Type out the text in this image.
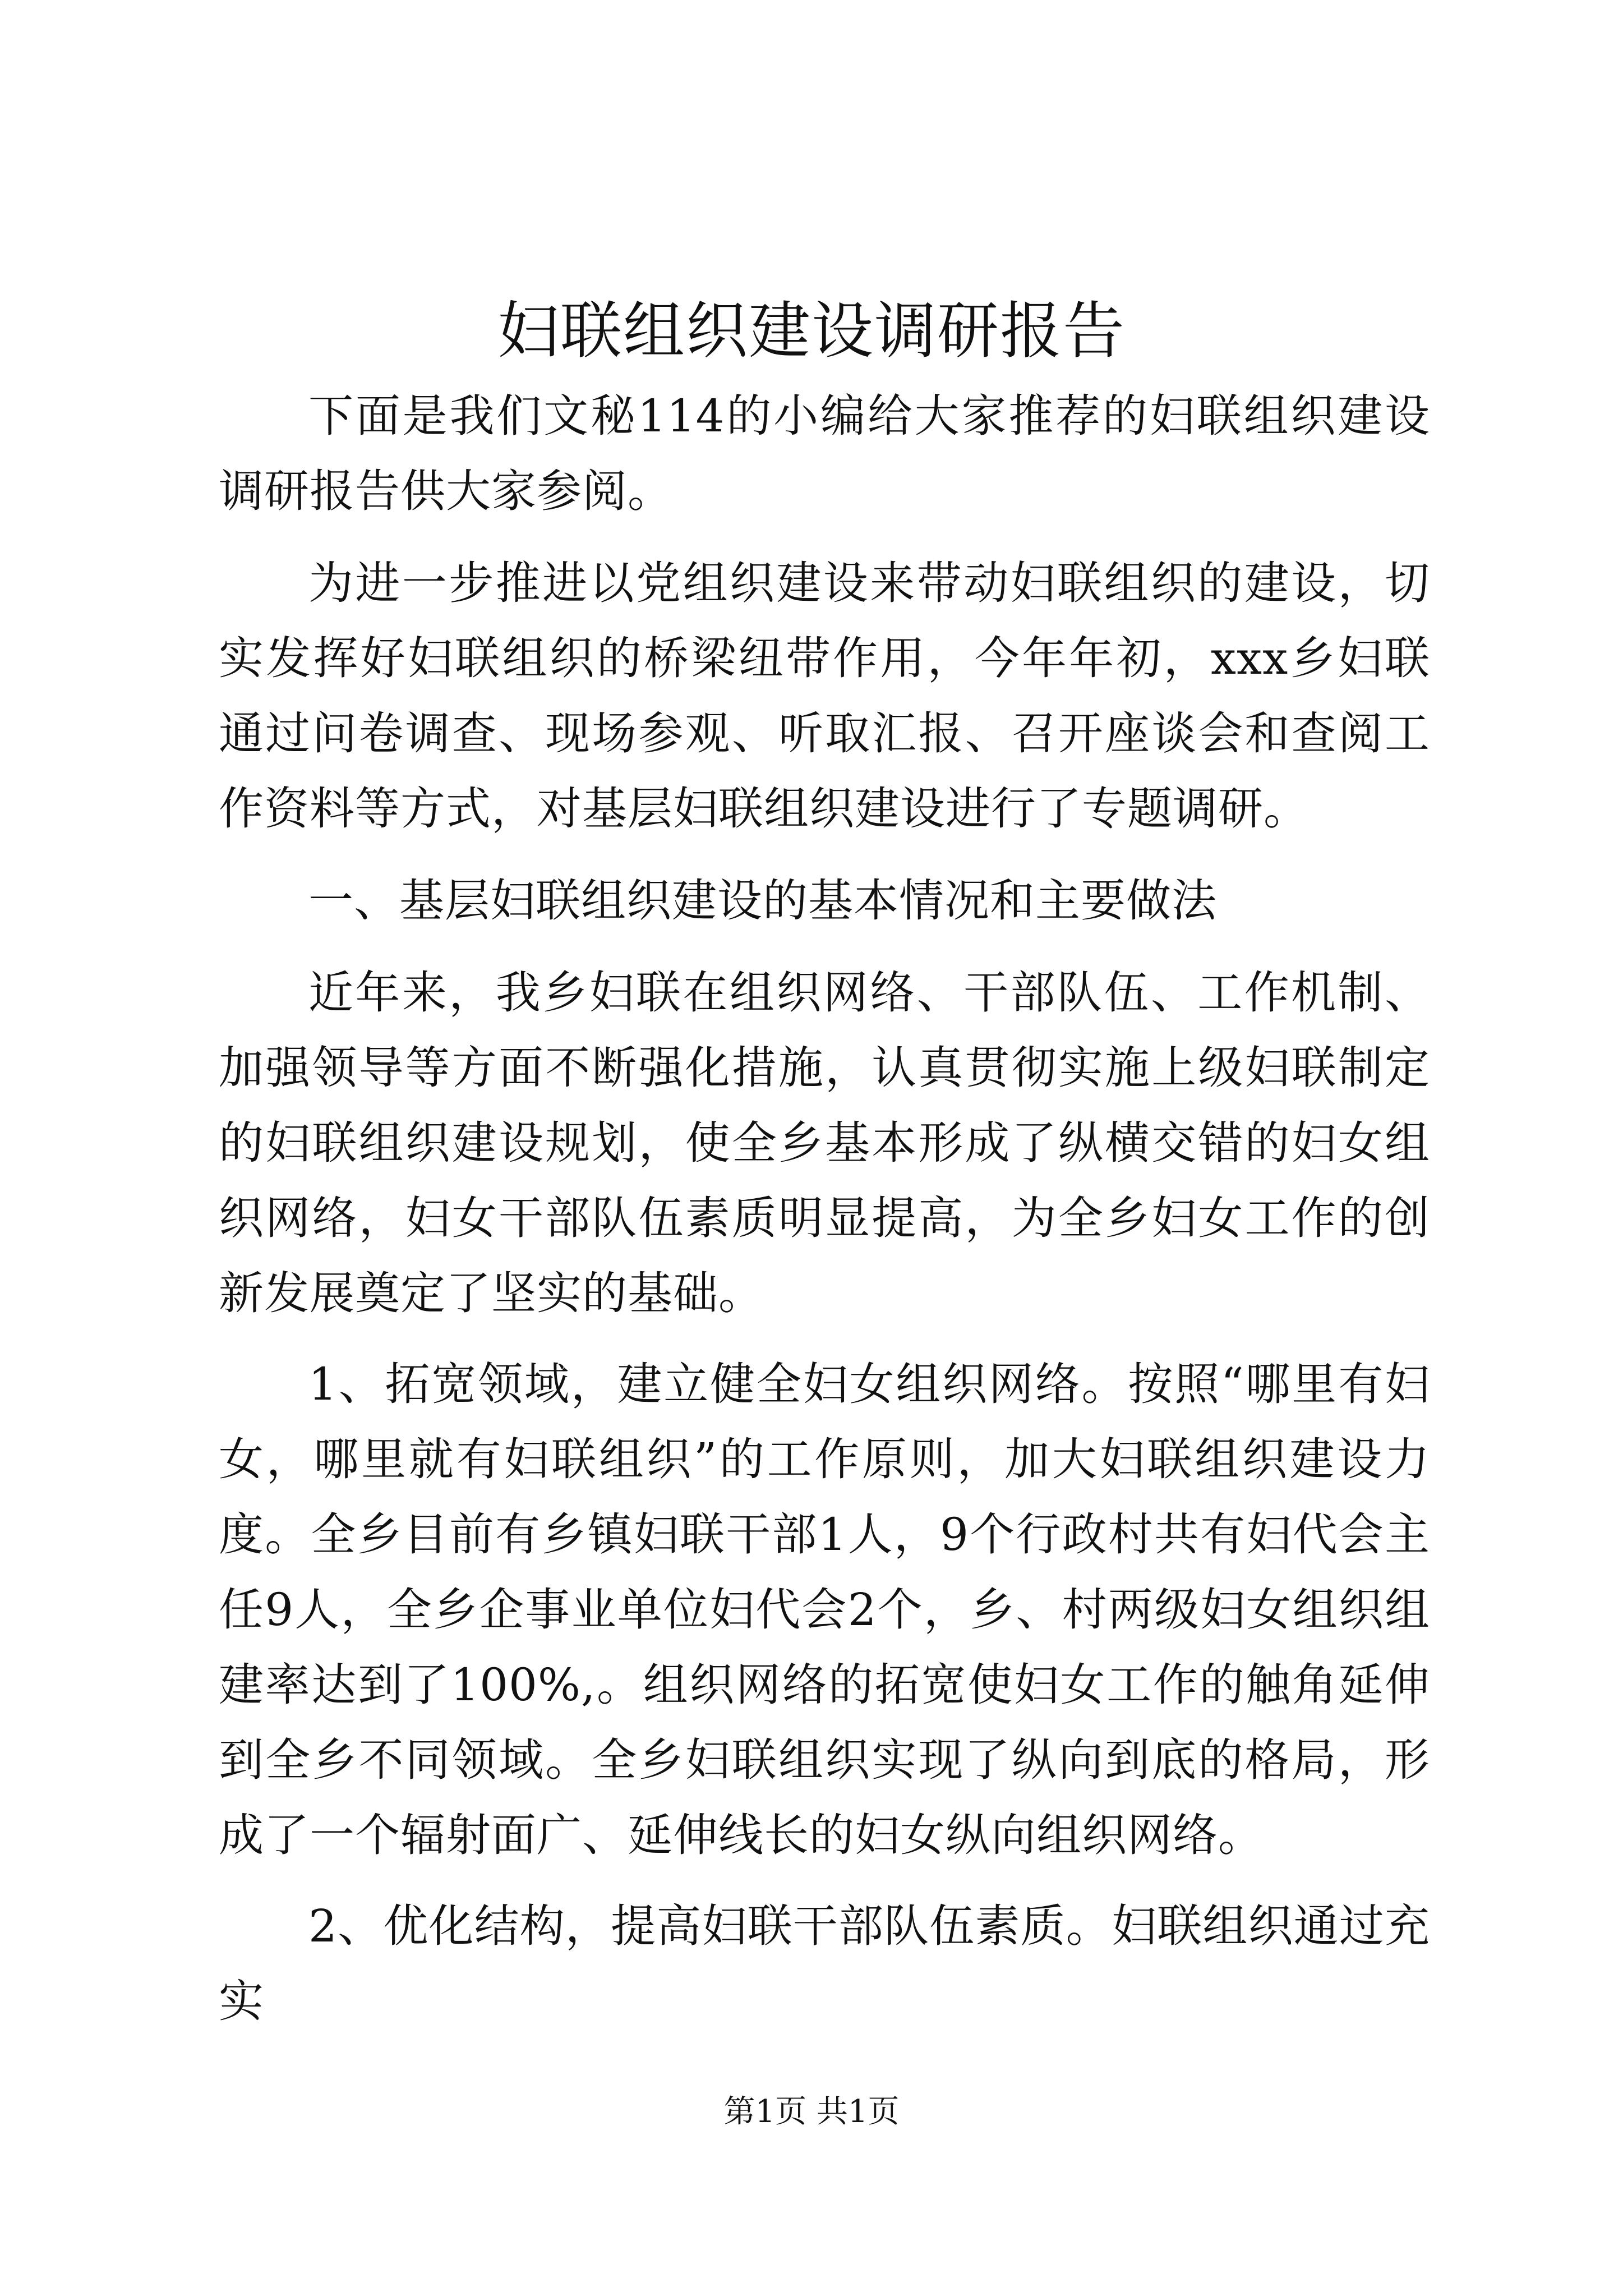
妇联组织建设调研报告

下面是我们文秘114的小编给大家推荐的妇联组织建设调研报告供大家参阅。

为进一步推进以党组织建设来带动妇联组织的建设，切实发挥好妇联组织的桥梁纽带作用，今年年初，xxx乡妇联通过问卷调查、现场参观、听取汇报、召开座谈会和查阅工作资料等方式，对基层妇联组织建设进行了专题调研。

一、基层妇联组织建设的基本情况和主要做法

近年来，我乡妇联在组织网络、干部队伍、工作机制、加强领导等方面不断强化措施，认真贯彻实施上级妇联制定的妇联组织建设规划，使全乡基本形成了纵横交错的妇女组织网络，妇女干部队伍素质明显提高，为全乡妇女工作的创新发展奠定了坚实的基础。

1、拓宽领域，建立健全妇女组织网络。按照“哪里有妇女，哪里就有妇联组织”的工作原则，加大妇联组织建设力度。全乡目前有乡镇妇联干部1人，9个行政村共有妇代会主任9人，全乡企事业单位妇代会2个，乡、村两级妇女组织组建率达到了100%,。组织网络的拓宽使妇女工作的触角延伸到全乡不同领域。全乡妇联组织实现了纵向到底的格局，形成了一个辐射面广、延伸线长的妇女纵向组织网络。

2、优化结构，提高妇联干部队伍素质。妇联组织通过充实

第1页 共1页
